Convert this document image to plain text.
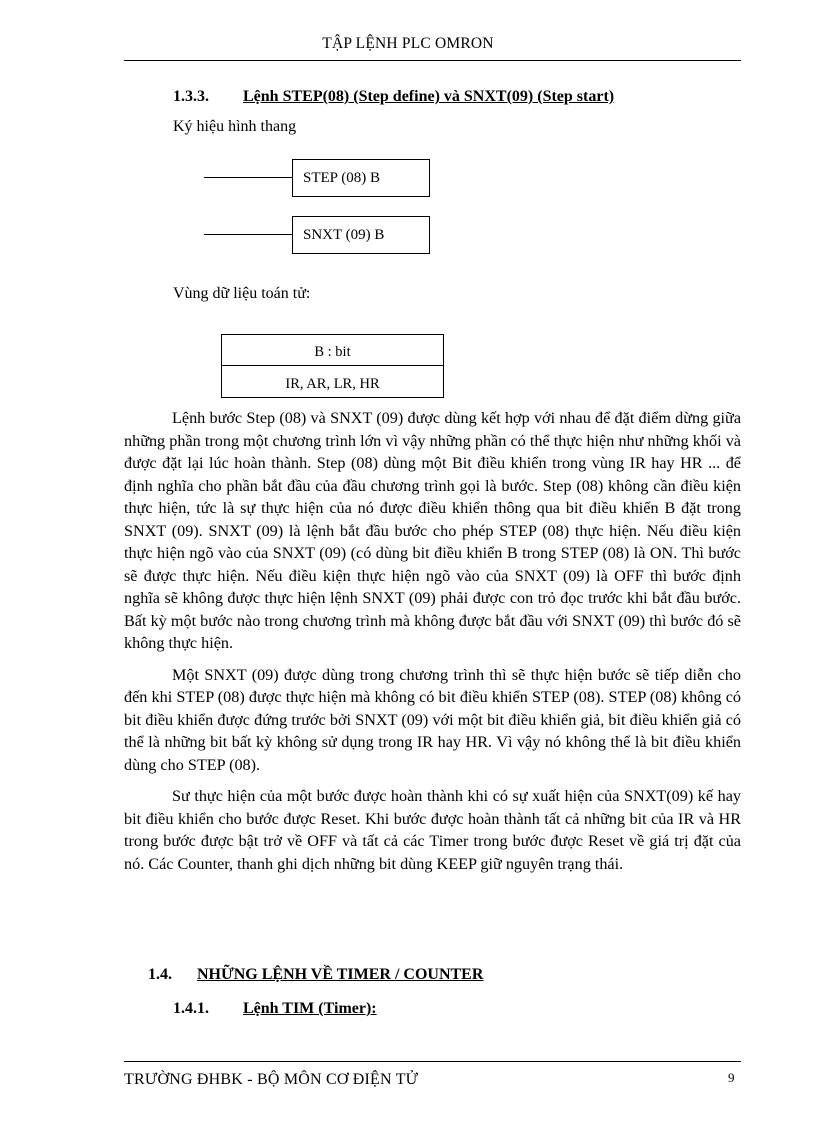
TẬP LỆNH PLC OMRON
1.3.3. Lệnh STEP(08) (Step define) và SNXT(09) (Step start)
Ký hiệu hình thang
STEP (08) B
SNXT (09) B
Vùng dữ liệu toán tử:
B : bit
IR, AR, LR, HR

Lệnh bước Step (08) và SNXT (09) được dùng kết hợp với nhau để đặt điểm dừng giữa những phần trong một chương trình lớn vì vậy những phần có thể thực hiện như những khối và được đặt lại lúc hoàn thành. Step (08) dùng một Bit điều khiển trong vùng IR hay HR ... để định nghĩa cho phần bắt đầu của đầu chương trình gọi là bước. Step (08) không cần điều kiện thực hiện, tức là sự thực hiện của nó được điều khiển thông qua bit điều khiển B đặt trong SNXT (09). SNXT (09) là lệnh bắt đầu bước cho phép STEP (08) thực hiện. Nếu điều kiện thực hiện ngõ vào của SNXT (09) (có dùng bit điều khiển B trong STEP (08) là ON. Thì bước sẽ được thực hiện. Nếu điều kiện thực hiện ngõ vào của SNXT (09) là OFF thì bước định nghĩa sẽ không được thực hiện lệnh SNXT (09) phải được con trỏ đọc trước khi bắt đầu bước. Bất kỳ một bước nào trong chương trình mà không được bắt đầu với SNXT (09) thì bước đó sẽ không thực hiện.

Một SNXT (09) được dùng trong chương trình thì sẽ thực hiện bước sẽ tiếp diễn cho đến khi STEP (08) được thực hiện mà không có bit điều khiển STEP (08). STEP (08) không có bit điều khiển được đứng trước bởi SNXT (09) với một bit điều khiển giả, bit điều khiển giả có thể là những bit bất kỳ không sử dụng trong IR hay HR. Vì vậy nó không thể là bit điều khiển dùng cho STEP (08).

Sư thực hiện của một bước được hoàn thành khi có sự xuất hiện của SNXT(09) kế hay bit điều khiển cho bước được Reset. Khi bước được hoàn thành tất cả những bit của IR và HR trong bước được bật trở về OFF và tất cả các Timer trong bước được Reset về giá trị đặt của nó. Các Counter, thanh ghi dịch những bit dùng KEEP giữ nguyên trạng thái.

1.4. NHỮNG LỆNH VỀ TIMER / COUNTER
1.4.1. Lệnh TIM (Timer):
TRƯỜNG ĐHBK - BỘ MÔN CƠ ĐIỆN TỬ	9
